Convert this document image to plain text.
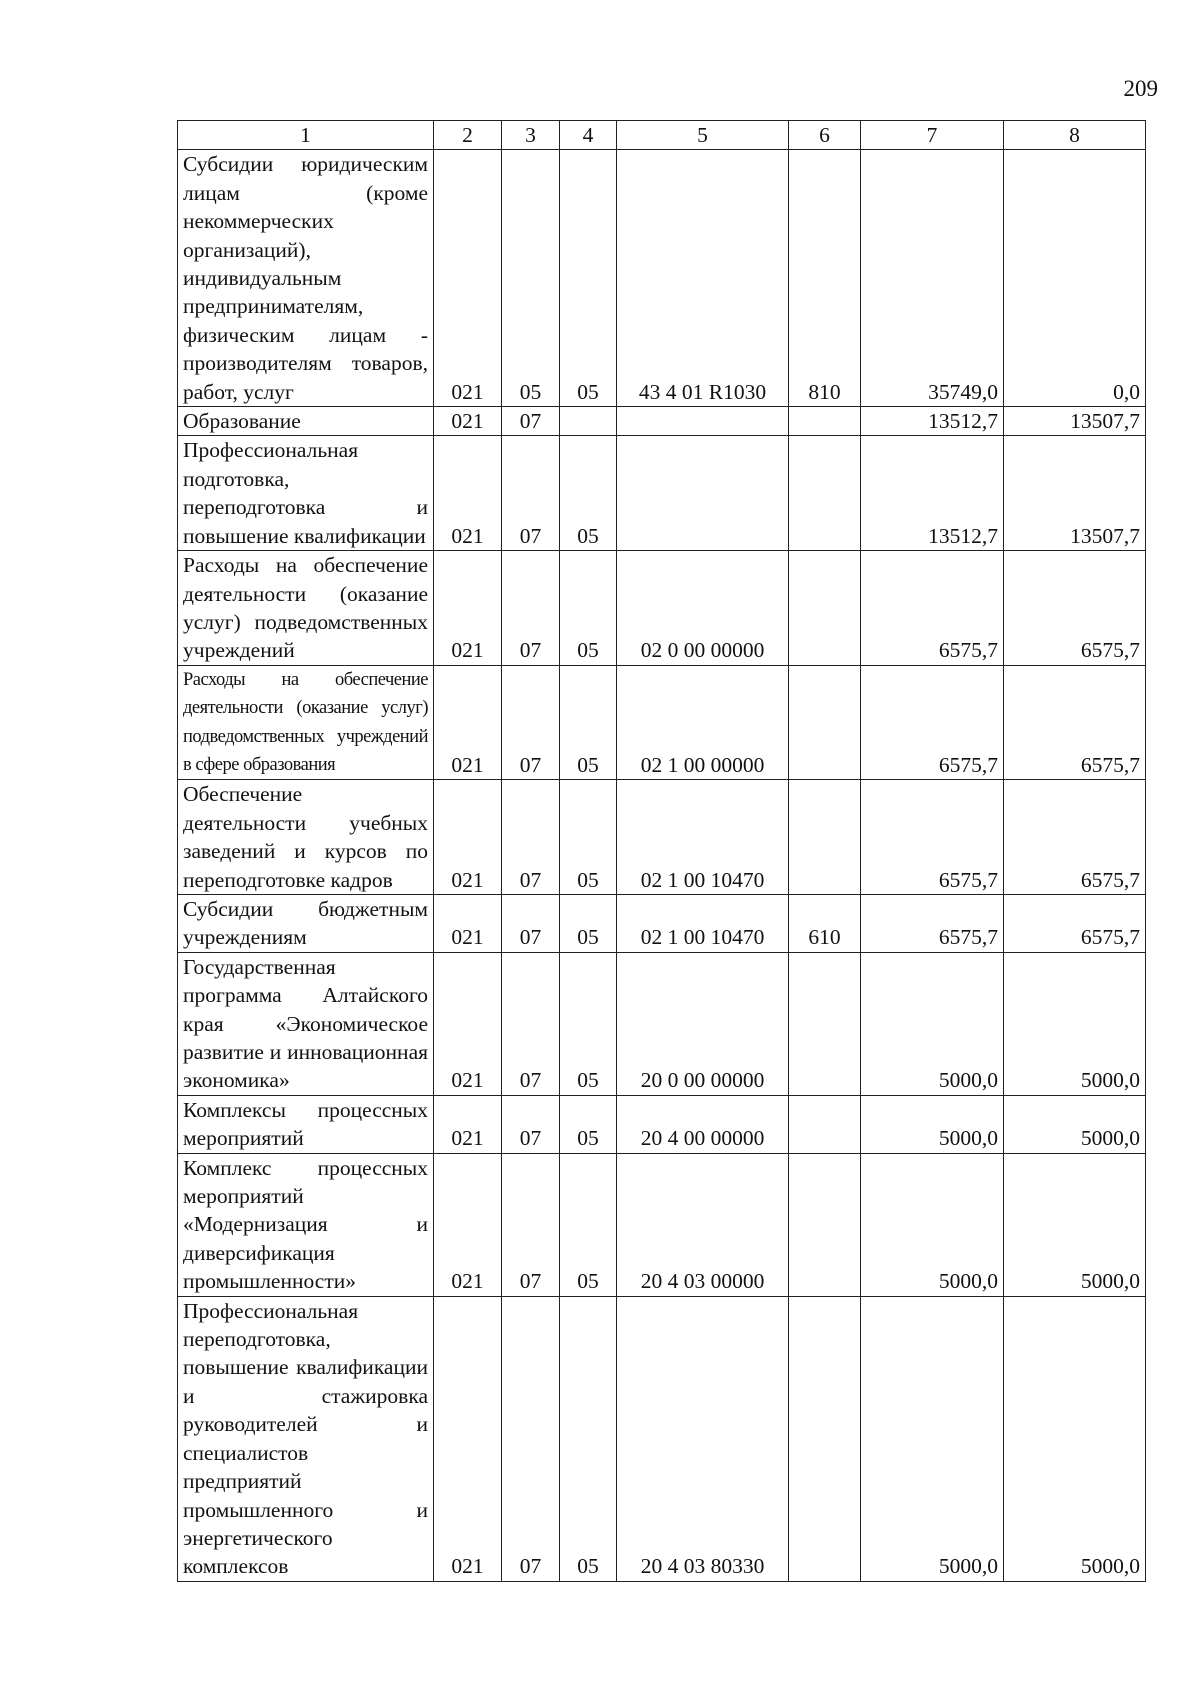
209
1	2	3	4	5	6	7	8
Субсидии юридическим лицам (кроме некоммерческих организаций), индивидуальным предпринимателям, физическим лицам - производителям товаров, работ, услуг	021	05	05	43 4 01 R1030	810	35749,0	0,0
Образование	021	07				13512,7	13507,7
Профессиональная подготовка, переподготовка и повышение квалификации	021	07	05			13512,7	13507,7
Расходы на обеспечение деятельности (оказание услуг) подведомственных учреждений	021	07	05	02 0 00 00000		6575,7	6575,7
Расходы на обеспечение деятельности (оказание услуг) подведомственных учреждений в сфере образования	021	07	05	02 1 00 00000		6575,7	6575,7
Обеспечение деятельности учебных заведений и курсов по переподготовке кадров	021	07	05	02 1 00 10470		6575,7	6575,7
Субсидии бюджетным учреждениям	021	07	05	02 1 00 10470	610	6575,7	6575,7
Государственная программа Алтайского края «Экономическое развитие и инновационная экономика»	021	07	05	20 0 00 00000		5000,0	5000,0
Комплексы процессных мероприятий	021	07	05	20 4 00 00000		5000,0	5000,0
Комплекс процессных мероприятий «Модернизация и диверсификация промышленности»	021	07	05	20 4 03 00000		5000,0	5000,0
Профессиональная переподготовка, повышение квалификации и стажировка руководителей и специалистов предприятий промышленного и энергетического комплексов	021	07	05	20 4 03 80330		5000,0	5000,0
